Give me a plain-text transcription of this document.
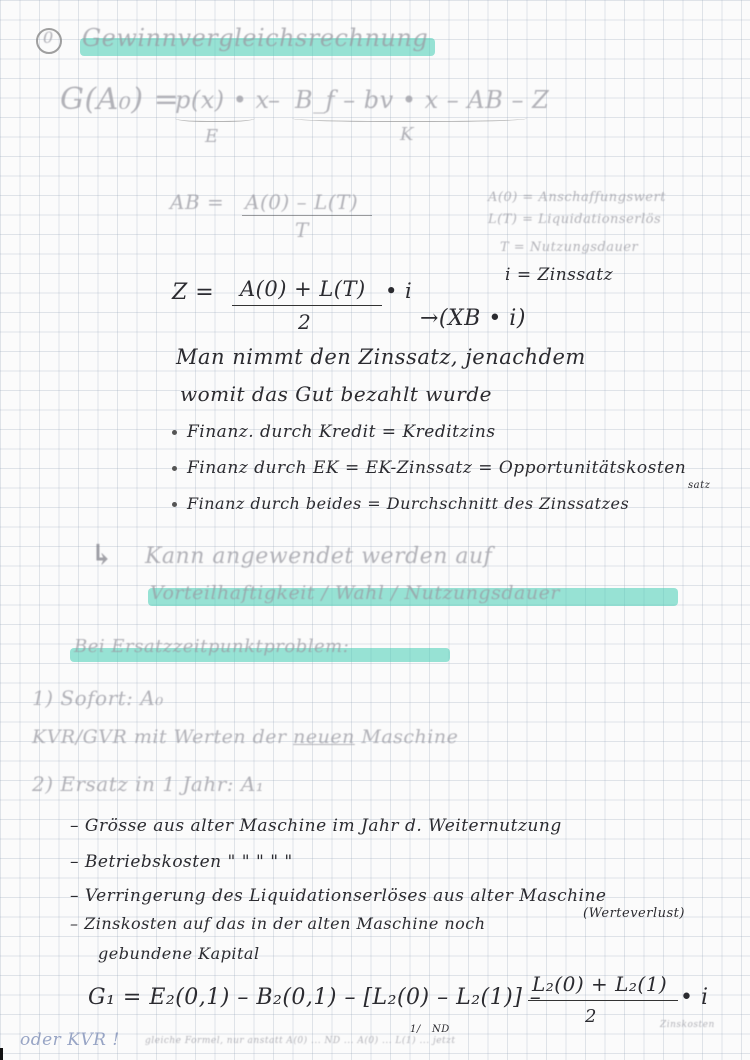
0 Gewinnvergleichsrechnung
G(A₀) =
p(x) • x
– B_f – bv • x – AB – Z
E	K
AB = A(0) – L(T)
T
A(0) = Anschaffungswert
L(T) = Liquidationserlös
T = Nutzungsdauer
i = Zinssatz
Z = A(0) + L(T) • i
2	→(XB • i)
Man nimmt den Zinssatz, jenachdem
womit das Gut bezahlt wurde
Finanz. durch Kredit = Kreditzins
Finanz durch EK = EK-Zinssatz = Opportunitätskosten
satz
Finanz durch beides = Durchschnitt des Zinssatzes
↳ Kann angewendet werden auf
Vorteilhaftigkeit / Wahl / Nutzungsdauer
Bei Ersatzzeitpunktproblem:
1) Sofort: A₀
KVR/GVR mit Werten der neuen Maschine
2) Ersatz in 1 Jahr: A₁
– Grösse aus alter Maschine im Jahr d. Weiternutzung
– Betriebskosten " " " " "
– Verringerung des Liquidationserlöses aus alter Maschine
– Zinskosten auf das in der alten Maschine noch
(Werteverlust)
gebundene Kapital
G₁ = E₂(0,1) – B₂(0,1) – [L₂(0) – L₂(1)] –
L₂(0) + L₂(1)
2
• i
1/ ND	Zinskosten
oder KVR !	gleiche Formel, nur anstatt A(0) ... ND ... A(0) ... L(1) ... jetzt
